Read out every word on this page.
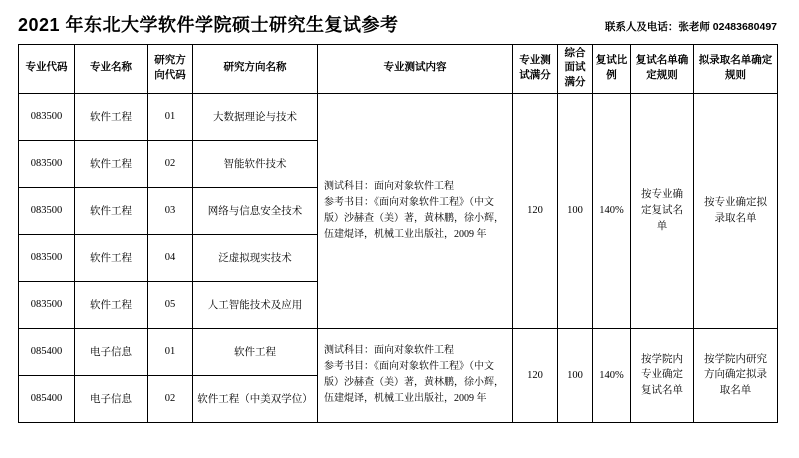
2021 年东北大学软件学院硕士研究生复试参考	联系人及电话：张老师 02483680497
专业代码	专业名称	研究方向代码	研究方向名称	专业测试内容	专业测试满分	综合面试满分	复试比例	复试名单确定规则	拟录取名单确定规则
083500	软件工程	01	大数据理论与技术	测试科目：面向对象软件工程
参考书目：《面向对象软件工程》（中文版）沙赫查（美）著，黄林鹏，徐小辉，伍建焜译，机械工业出版社，2009 年	120	100	140%	按专业确定复试名单	按专业确定拟录取名单
083500	软件工程	02	智能软件技术						
083500	软件工程	03	网络与信息安全技术						
083500	软件工程	04	泛虚拟现实技术						
083500	软件工程	05	人工智能技术及应用						
085400	电子信息	01	软件工程	测试科目：面向对象软件工程
参考书目：《面向对象软件工程》（中文版）沙赫查（美）著，黄林鹏，徐小辉，伍建焜译，机械工业出版社，2009 年	120	100	140%	按学院内专业确定复试名单	按学院内研究方向确定拟录取名单
085400	电子信息	02	软件工程（中美双学位）						
